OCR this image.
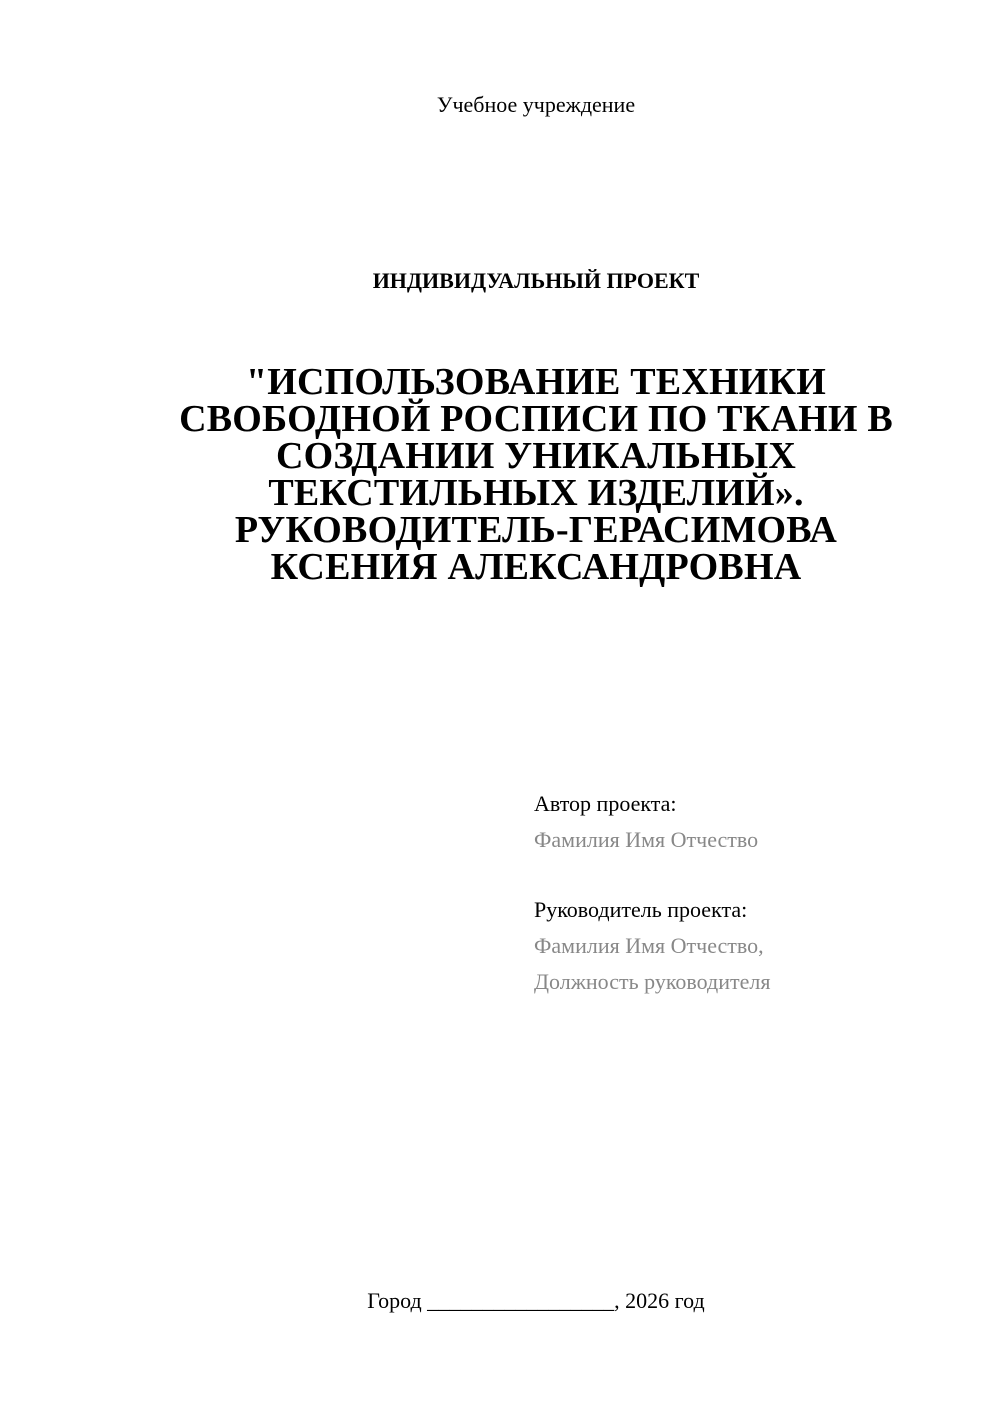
Учебное учреждение
ИНДИВИДУАЛЬНЫЙ ПРОЕКТ
"ИСПОЛЬЗОВАНИЕ ТЕХНИКИ
СВОБОДНОЙ РОСПИСИ ПО ТКАНИ В
СОЗДАНИИ УНИКАЛЬНЫХ
ТЕКСТИЛЬНЫХ ИЗДЕЛИЙ».
РУКОВОДИТЕЛЬ-ГЕРАСИМОВА
КСЕНИЯ АЛЕКСАНДРОВНА
Автор проекта:
Фамилия Имя Отчество
Руководитель проекта:
Фамилия Имя Отчество,
Должность руководителя
Город _________________, 2026 год
